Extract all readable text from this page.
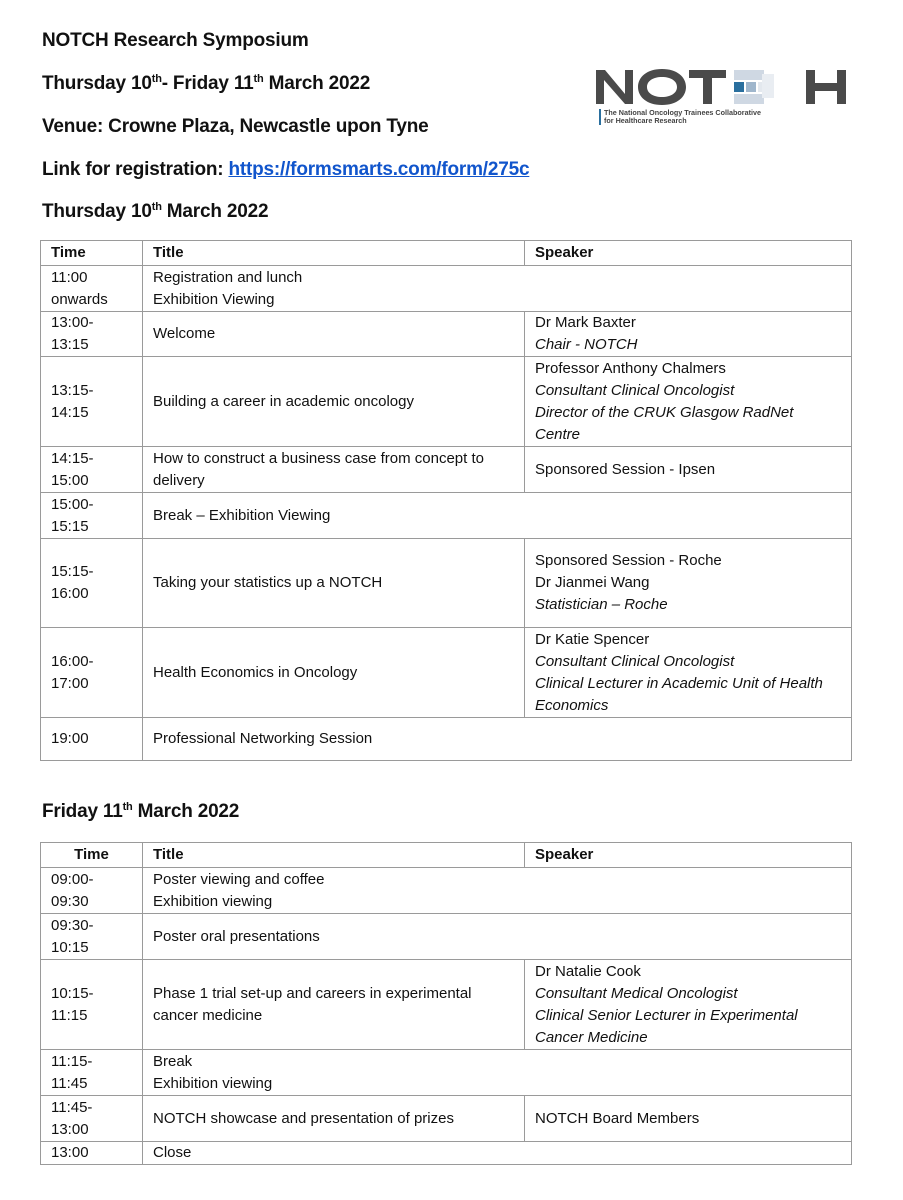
NOTCH Research Symposium
Thursday 10th- Friday 11th March 2022
Venue: Crowne Plaza, Newcastle upon Tyne
Link for registration: https://formsmarts.com/form/275c
The National Oncology Trainees Collaborative
for Healthcare Research
Thursday 10th March 2022
Time	Title	Speaker

11:00
onwards	Registration and lunch
Exhibition Viewing	

13:00-
13:15	Welcome	Dr Mark Baxter
Chair - NOTCH

13:15-
14:15	Building a career in academic oncology	Professor Anthony Chalmers
Consultant Clinical Oncologist
Director of the CRUK Glasgow RadNet Centre

14:15-
15:00	How to construct a business case from concept to delivery	Sponsored Session - Ipsen

15:00-
15:15	Break – Exhibition Viewing	

15:15-
16:00	Taking your statistics up a NOTCH	Sponsored Session - Roche
Dr Jianmei Wang
Statistician – Roche

16:00-
17:00	Health Economics in Oncology	Dr Katie Spencer
Consultant Clinical Oncologist
Clinical Lecturer in Academic Unit of Health Economics

19:00	Professional Networking Session	
Friday 11th March 2022
Time	Title	Speaker

09:00-
09:30	Poster viewing and coffee
Exhibition viewing	

09:30-
10:15	Poster oral presentations	

10:15-
11:15	Phase 1 trial set-up and careers in experimental cancer medicine	Dr Natalie Cook
Consultant Medical Oncologist
Clinical Senior Lecturer in Experimental Cancer Medicine

11:15-
11:45	Break
Exhibition viewing	

11:45-
13:00	NOTCH showcase and presentation of prizes	NOTCH Board Members

13:00	Close	
